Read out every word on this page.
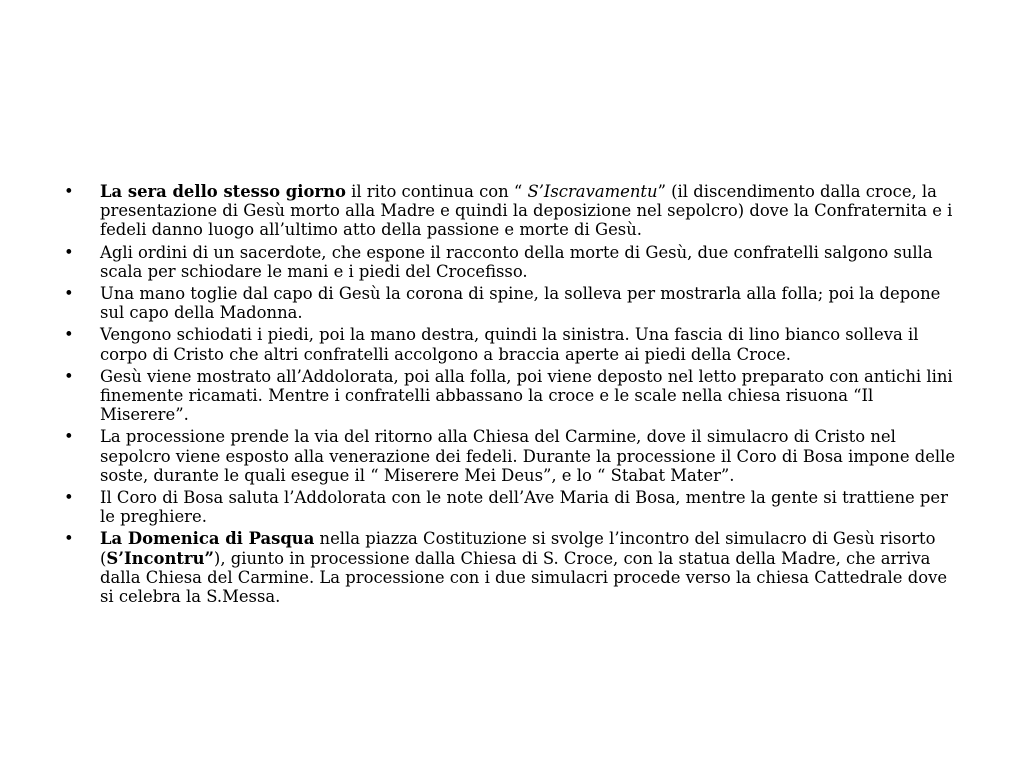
•	La sera dello stesso giorno il rito continua con “ S’Iscravamentu” (il discendimento dalla croce, la presentazione di Gesù morto alla Madre e quindi la deposizione nel sepolcro) dove la Confraternita e i fedeli danno luogo all’ultimo atto della passione e morte di Gesù.
•	Agli ordini di un sacerdote, che espone il racconto della morte di Gesù, due confratelli salgono sulla scala per schiodare le mani e i piedi del Crocefisso.
•	Una mano toglie dal capo di Gesù la corona di spine, la solleva per mostrarla alla folla; poi la depone sul capo della Madonna.
•	Vengono schiodati i piedi, poi la mano destra, quindi la sinistra. Una fascia di lino bianco solleva il corpo di Cristo che altri confratelli accolgono a braccia aperte ai piedi della Croce.
•	Gesù viene mostrato all’Addolorata, poi alla folla, poi viene deposto nel letto preparato con antichi lini finemente ricamati. Mentre i confratelli abbassano la croce e le scale nella chiesa risuona “Il Miserere”.
•	La processione prende la via del ritorno alla Chiesa del Carmine, dove il simulacro di Cristo nel sepolcro viene esposto alla venerazione dei fedeli. Durante la processione il Coro di Bosa impone delle soste, durante le quali esegue il “ Miserere Mei Deus”, e lo “ Stabat Mater”.
•	Il Coro di Bosa saluta l’Addolorata con le note dell’Ave Maria di Bosa, mentre la gente si trattiene per le preghiere.
•	La Domenica di Pasqua nella piazza Costituzione si svolge l’incontro del simulacro di Gesù risorto (S’Incontru”), giunto in processione dalla Chiesa di S. Croce, con la statua della Madre, che arriva dalla Chiesa del Carmine. La processione con i due simulacri procede verso la chiesa Cattedrale dove si celebra la S.Messa.
